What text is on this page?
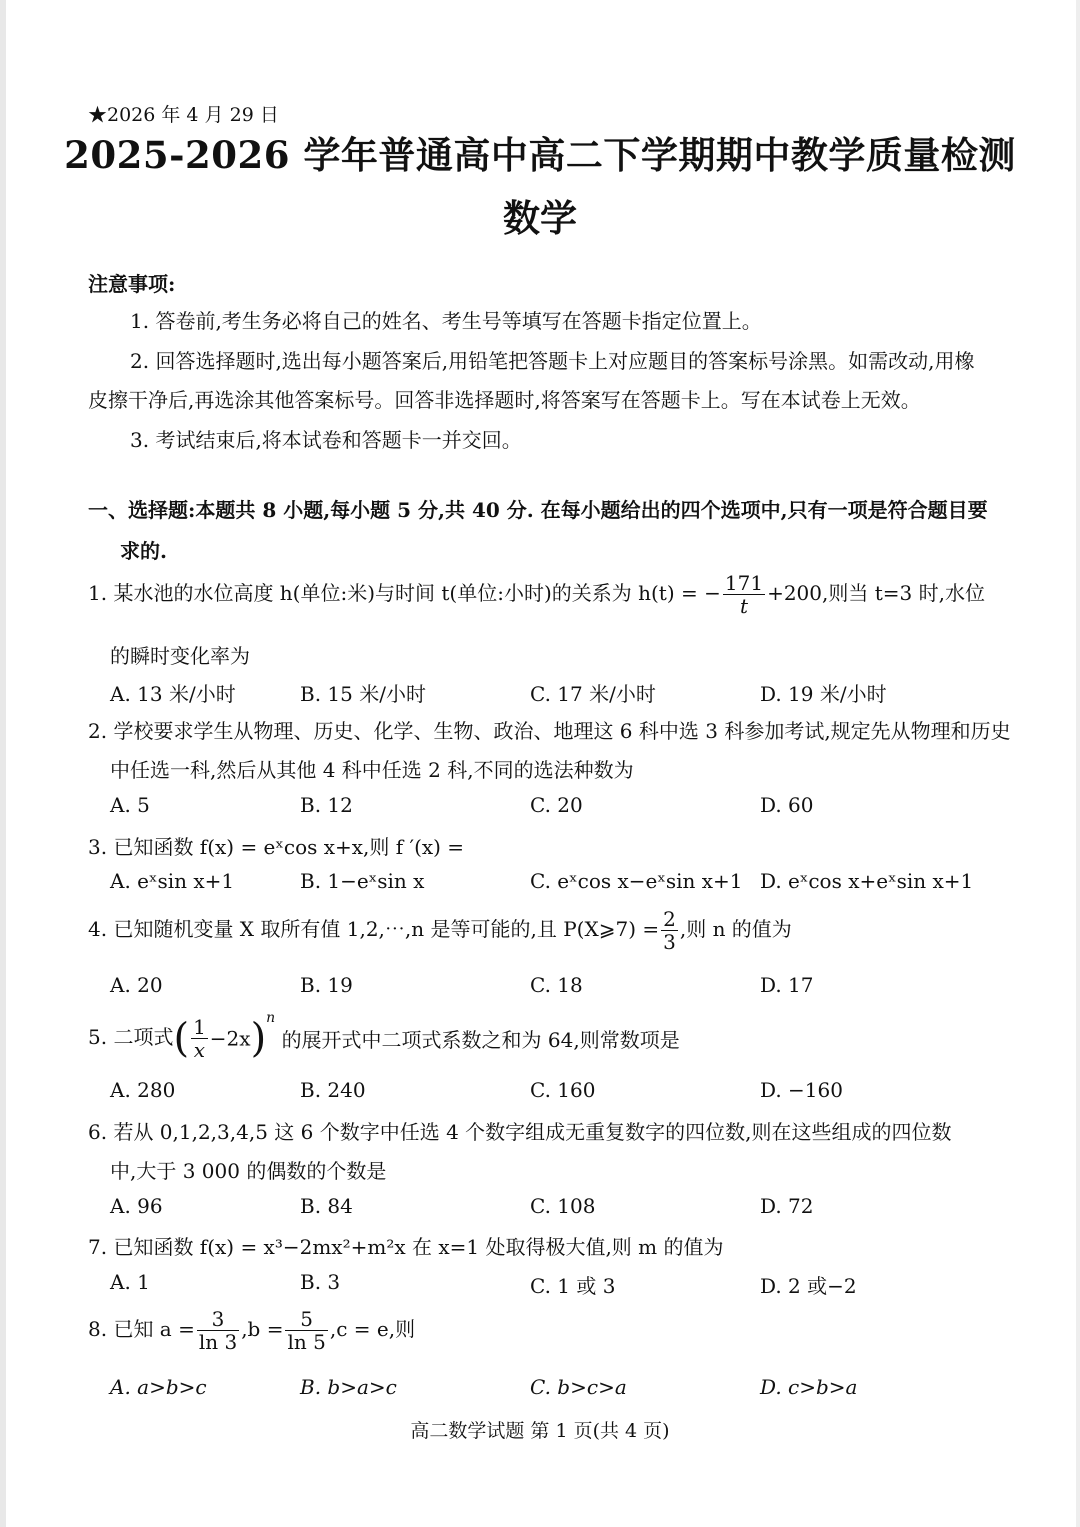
★2026 年 4 月 29 日
2025-2026 学年普通高中高二下学期期中教学质量检测
数学
注意事项:
1. 答卷前,考生务必将自己的姓名、考生号等填写在答题卡指定位置上。
2. 回答选择题时,选出每小题答案后,用铅笔把答题卡上对应题目的答案标号涂黑。如需改动,用橡
皮擦干净后,再选涂其他答案标号。回答非选择题时,将答案写在答题卡上。写在本试卷上无效。
3. 考试结束后,将本试卷和答题卡一并交回。
一、选择题:本题共 8 小题,每小题 5 分,共 40 分. 在每小题给出的四个选项中,只有一项是符合题目要
求的.
1. 某水池的水位高度 h(单位:米)与时间 t(单位:小时)的关系为 h(t) = − $\frac{171}{t} +200$,则当 t=3 时,水位
的瞬时变化率为
A. 13 米/小时	B. 15 米/小时	C. 17 米/小时	D. 19 米/小时
2. 学校要求学生从物理、历史、化学、生物、政治、地理这 6 科中选 3 科参加考试,规定先从物理和历史
中任选一科,然后从其他 4 科中任选 2 科,不同的选法种数为
A. 5	B. 12	C. 20	D. 60
3. 已知函数 f(x) = eˣcos x+x,则 f ′(x) =
A. eˣsin x+1	B. 1−eˣsin x	C. eˣcos x−eˣsin x+1 D. eˣcos x+eˣsin x+1
4. 已知随机变量 X 取所有值 1,2,⋯,n 是等可能的,且 P(X⩾7) = $\frac{2}{3}$ ,则 n 的值为
A. 20	B. 19	C. 18	D. 17
5. 二项式( $\frac{1}{x} -2x)^n$ 的展开式中二项式系数之和为 64,则常数项是
A. 280	B. 240	C. 160	D. −160
6. 若从 0,1,2,3,4,5 这 6 个数字中任选 4 个数字组成无重复数字的四位数,则在这些组成的四位数
中,大于 3 000 的偶数的个数是
A. 96	B. 84	C. 108	D. 72
7. 已知函数 f(x) = x³−2mx²+m²x 在 x=1 处取得极大值,则 m 的值为
A. 1	B. 3	C. 1 或 3	D. 2 或−2
8. 已知 $a = \frac{3}{\ln 3} ,b = \frac{5}{\ln 5} ,c = e$,则
A. a>b>c	B. b>a>c	C. b>c>a	D. c>b>a
高二数学试题 第 1 页(共 4 页)
